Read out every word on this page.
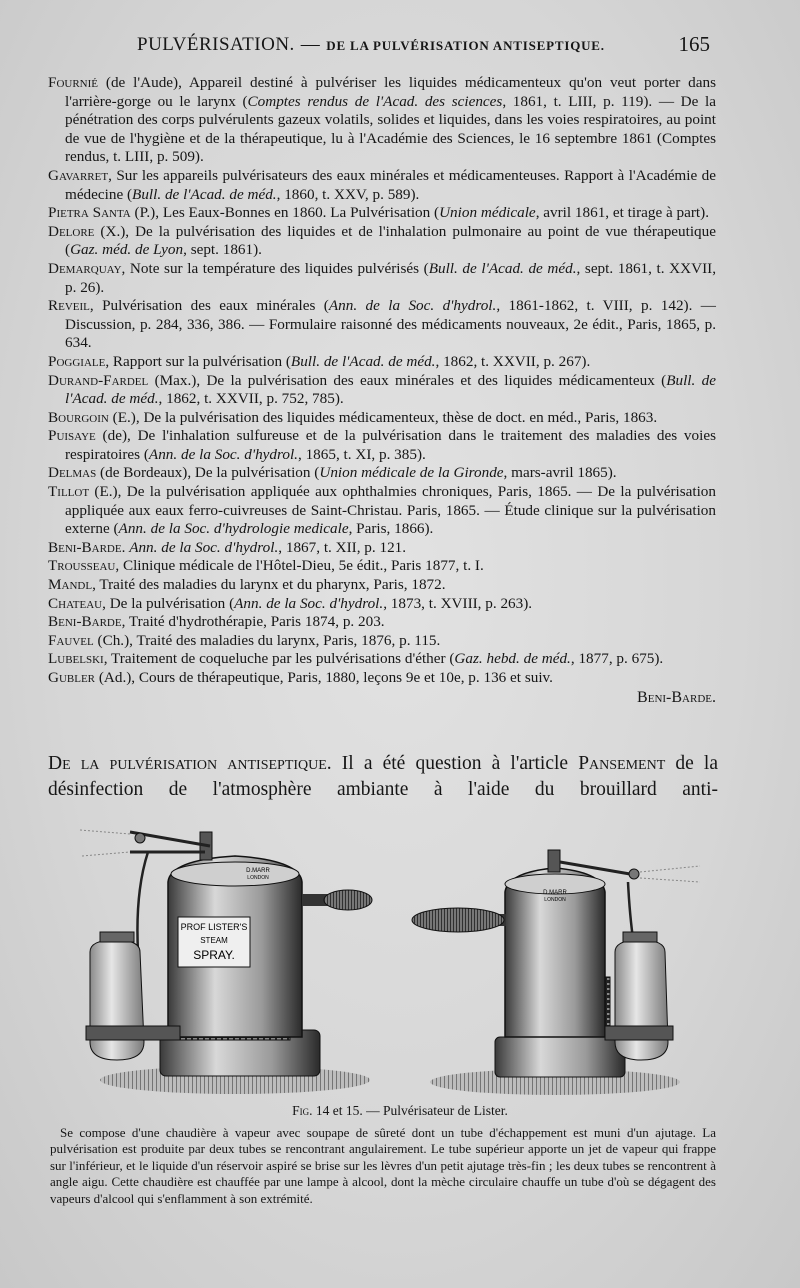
PULVÉRISATION. — DE LA PULVÉRISATION ANTISEPTIQUE.	165

Fournié (de l'Aude), Appareil destiné à pulvériser les liquides médicamenteux qu'on veut porter dans l'arrière-gorge ou le larynx (Comptes rendus de l'Acad. des sciences, 1861, t. LIII, p. 119). — De la pénétration des corps pulvérulents gazeux volatils, solides et liquides, dans les voies respiratoires, au point de vue de l'hygiène et de la thérapeutique, lu à l'Académie des Sciences, le 16 septembre 1861 (Comptes rendus, t. LIII, p. 509).

Gavarret, Sur les appareils pulvérisateurs des eaux minérales et médicamenteuses. Rapport à l'Académie de médecine (Bull. de l'Acad. de méd., 1860, t. XXV, p. 589).

Pietra Santa (P.), Les Eaux-Bonnes en 1860. La Pulvérisation (Union médicale, avril 1861, et tirage à part).

Delore (X.), De la pulvérisation des liquides et de l'inhalation pulmonaire au point de vue thérapeutique (Gaz. méd. de Lyon, sept. 1861).

Demarquay, Note sur la température des liquides pulvérisés (Bull. de l'Acad. de méd., sept. 1861, t. XXVII, p. 26).

Reveil, Pulvérisation des eaux minérales (Ann. de la Soc. d'hydrol., 1861-1862, t. VIII, p. 142). — Discussion, p. 284, 336, 386. — Formulaire raisonné des médicaments nouveaux, 2e édit., Paris, 1865, p. 634.

Poggiale, Rapport sur la pulvérisation (Bull. de l'Acad. de méd., 1862, t. XXVII, p. 267).

Durand-Fardel (Max.), De la pulvérisation des eaux minérales et des liquides médicamenteux (Bull. de l'Acad. de méd., 1862, t. XXVII, p. 752, 785).

Bourgoin (E.), De la pulvérisation des liquides médicamenteux, thèse de doct. en méd., Paris, 1863.

Puisaye (de), De l'inhalation sulfureuse et de la pulvérisation dans le traitement des maladies des voies respiratoires (Ann. de la Soc. d'hydrol., 1865, t. XI, p. 385).

Delmas (de Bordeaux), De la pulvérisation (Union médicale de la Gironde, mars-avril 1865).

Tillot (E.), De la pulvérisation appliquée aux ophthalmies chroniques, Paris, 1865. — De la pulvérisation appliquée aux eaux ferro-cuivreuses de Saint-Christau. Paris, 1865. — Étude clinique sur la pulvérisation externe (Ann. de la Soc. d'hydrologie medicale, Paris, 1866).

Beni-Barde. Ann. de la Soc. d'hydrol., 1867, t. XII, p. 121.

Trousseau, Clinique médicale de l'Hôtel-Dieu, 5e édit., Paris 1877, t. I.

Mandl, Traité des maladies du larynx et du pharynx, Paris, 1872.

Chateau, De la pulvérisation (Ann. de la Soc. d'hydrol., 1873, t. XVIII, p. 263).

Beni-Barde, Traité d'hydrothérapie, Paris 1874, p. 203.

Fauvel (Ch.), Traité des maladies du larynx, Paris, 1876, p. 115.

Lubelski, Traitement de coqueluche par les pulvérisations d'éther (Gaz. hebd. de méd., 1877, p. 675).

Gubler (Ad.), Cours de thérapeutique, Paris, 1880, leçons 9e et 10e, p. 136 et suiv.

Beni-Barde.
De la pulvérisation antiseptique. Il a été question à l'article Pansement de la désinfection de l'atmosphère ambiante à l'aide du brouillard anti-
PROF LISTER'S
STEAM
SPRAY.
D.MARR
LONDON
D.MARR
LONDON
Fig. 14 et 15. — Pulvérisateur de Lister.
Se compose d'une chaudière à vapeur avec soupape de sûreté dont un tube d'échappement est muni d'un ajutage. La pulvérisation est produite par deux tubes se rencontrant angulairement. Le tube supérieur apporte un jet de vapeur qui frappe sur l'inférieur, et le liquide d'un réservoir aspiré se brise sur les lèvres d'un petit ajutage très-fin ; les deux tubes se rencontrent à angle aigu. Cette chaudière est chauffée par une lampe à alcool, dont la mèche circulaire chauffe un tube d'où se dégagent des vapeurs d'alcool qui s'enflamment à son extrémité.
